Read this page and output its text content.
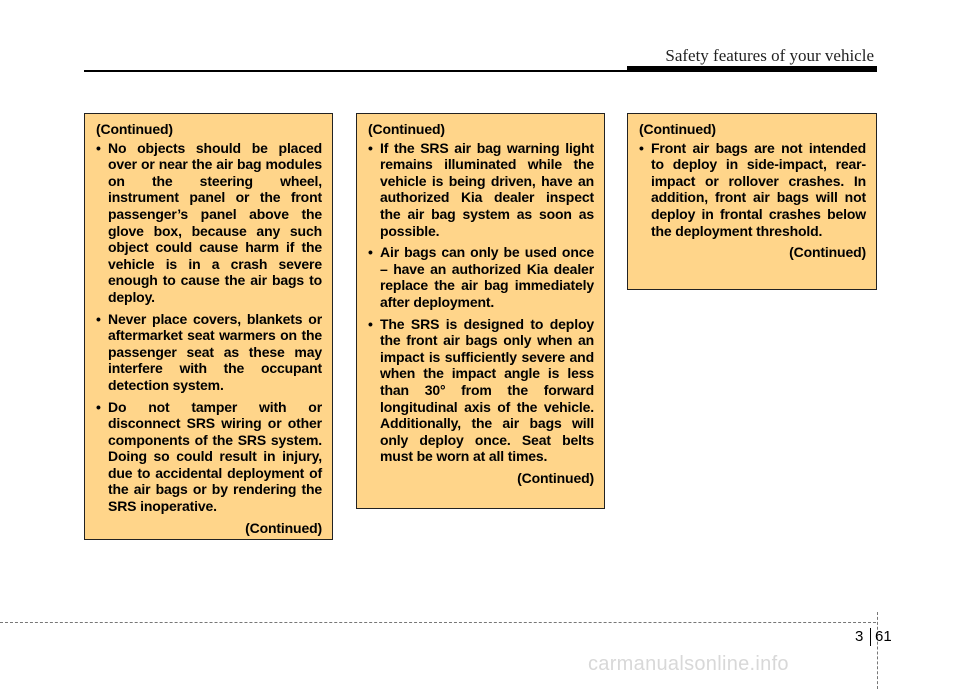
Safety features of your vehicle
(Continued)
• No objects should be placed over or near the air bag modules on the steering wheel, instrument panel or the front passenger’s panel above the glove box, because any such object could cause harm if the vehicle is in a crash severe enough to cause the air bags to deploy.
• Never place covers, blankets or aftermarket seat warmers on the passenger seat as these may interfere with the occupant detection system.
• Do not tamper with or disconnect SRS wiring or other components of the SRS system. Doing so could result in injury, due to accidental deployment of the air bags or by rendering the SRS inoperative.
(Continued)
(Continued)
• If the SRS air bag warning light remains illuminated while the vehicle is being driven, have an authorized Kia dealer inspect the air bag system as soon as possible.
• Air bags can only be used once – have an authorized Kia dealer replace the air bag immediately after deployment.
• The SRS is designed to deploy the front air bags only when an impact is sufficiently severe and when the impact angle is less than 30° from the forward longitudinal axis of the vehicle. Additionally, the air bags will only deploy once. Seat belts must be worn at all times.
(Continued)
(Continued)
• Front air bags are not intended to deploy in side-impact, rear-impact or rollover crashes. In addition, front air bags will not deploy in frontal crashes below the deployment threshold.
(Continued)
3 61
carmanualsonline.info
